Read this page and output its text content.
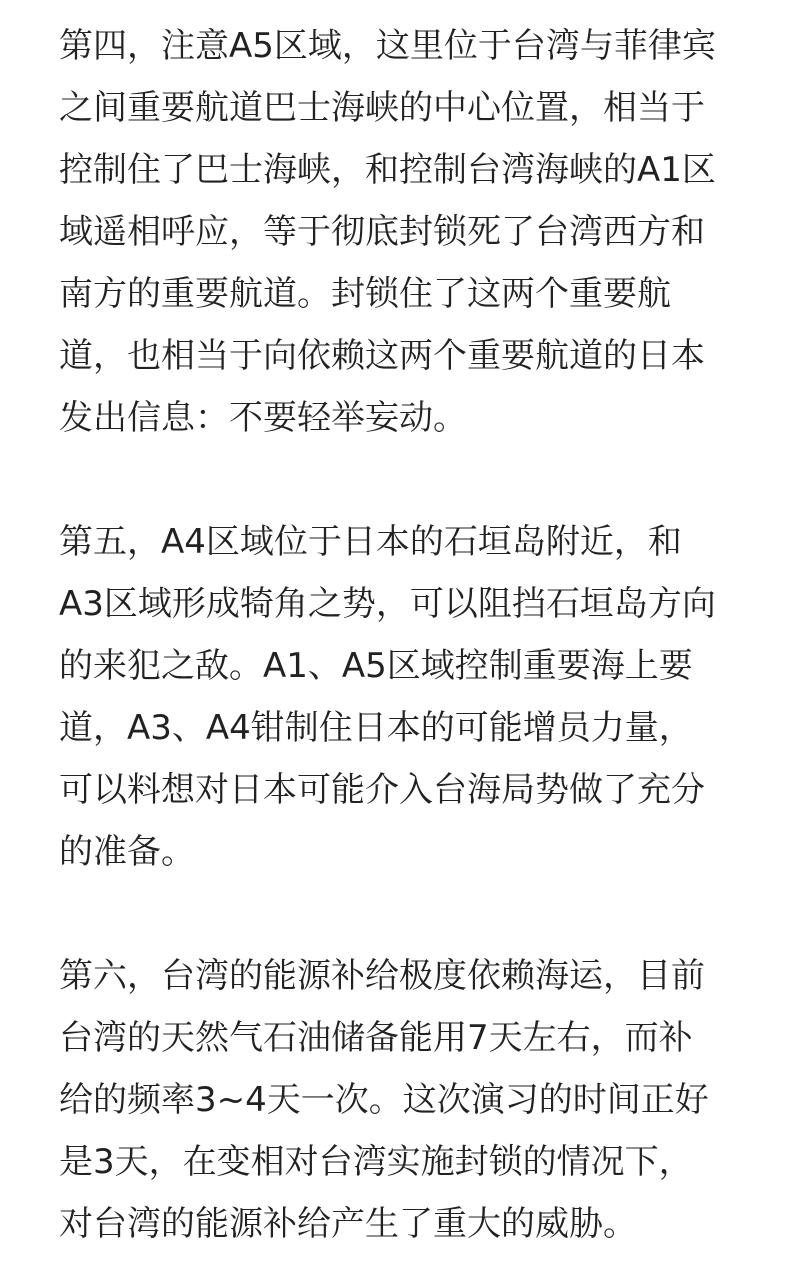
第四，注意A5区域，这里位于台湾与菲律宾
之间重要航道巴士海峡的中心位置，相当于
控制住了巴士海峡，和控制台湾海峡的A1区
域遥相呼应，等于彻底封锁死了台湾西方和
南方的重要航道。封锁住了这两个重要航
道，也相当于向依赖这两个重要航道的日本
发出信息：不要轻举妄动。

第五，A4区域位于日本的石垣岛附近，和
A3区域形成犄角之势，可以阻挡石垣岛方向
的来犯之敌。A1、A5区域控制重要海上要
道，A3、A4钳制住日本的可能增员力量，
可以料想对日本可能介入台海局势做了充分
的准备。

第六，台湾的能源补给极度依赖海运，目前
台湾的天然气石油储备能用7天左右，而补
给的频率3~4天一次。这次演习的时间正好
是3天，在变相对台湾实施封锁的情况下，
对台湾的能源补给产生了重大的威胁。
